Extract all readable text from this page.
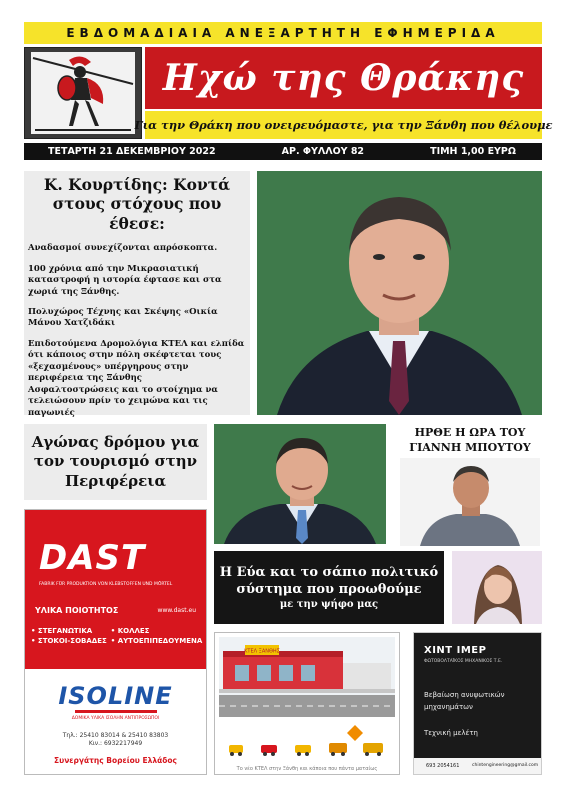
ΕΒΔΟΜΑΔΙΑΙΑ ΑΝΕΞΑΡΤΗΤΗ ΕΦΗΜΕΡΙΔΑ
Ηχώ της Θράκης
Για την Θράκη που ονειρευόμαστε, για την Ξάνθη που θέλουμε
ΤΕΤΑΡΤΗ 21 ΔΕΚΕΜΒΡΙΟΥ 2022	ΑΡ. ΦΥΛΛΟΥ 82	ΤΙΜΗ 1,00 ΕΥΡΩ
Κ. Κουρτίδης: Κοντά στους στόχους που έθεσε:
Αναδασμοί συνεχίζονται απρόσκοπτα.
100 χρόνια από την Μικρασιατική καταστροφή η ιστορία έφτασε και στα χωριά της Ξάνθης.
Πολυχώρος Τέχνης και Σκέψης «Οικία Μάνου Χατζιδάκι
Επιδοτούμενα Δρομολόγια ΚΤΕΛ και ελπίδα ότι κάποιος στην πόλη σκέφτεται τους «ξεχασμένους» υπέργηρους στην περιφέρεια της Ξάνθης
Ασφαλτοστρώσεις και το στοίχημα να τελειώσουν πρίν το χειμώνα και τις παγωνιές
Αγώνας δρόμου για τον τουρισμό στην Περιφέρεια
ΗΡΘΕ Η ΩΡΑ ΤΟΥ ΓΙΑΝΝΗ ΜΠΟΥΤΟΥ
DAST
FABRIK FÜR PRODUKTION VON KLEBSTOFFEN UND MÖRTEL
ΥΛΙΚΑ ΠΟΙΟΤΗΤΟΣ	www.dast.eu
• ΣΤΕΓΑΝΩΤΙΚΑ	• ΚΟΛΛΕΣ
• ΣΤΟΚΟΙ-ΣΟΒΑΔΕΣ • ΑΥΤΟΕΠΙΠΕΔΟΥΜΕΝΑ
ISOLINE
ΔΟΜΙΚΑ ΥΛΙΚΑ ΙΣΟΛΗΝ ΑΝΤΙΠΡΟΣΩΠΟΙ
Τηλ.: 25410 83014 & 25410 83803
Κιν.: 6932217949
Συνεργάτης Βορείου Ελλάδος
Η Εύα και το σάπιο πολιτικό σύστημα που προωθούμε
με την ψήφο μας
ΚΤΕΛ ΞΑΝΘΗΣ
Το νέο ΚΤΕΛ στην Ξάνθη και κάποια που πάντα ματαίως
ΧΙΝΤ ΙΜΕΡ
ΦΩΤΟΒΟΛΤΑΪΚΟΣ ΜΗΧΑΝΙΚΟΣ Τ.Ε.
Βεβαίωση ανυψωτικών
μηχανημάτων
Τεχνική μελέτη
693 2054161	chintengineering@gmail.com
